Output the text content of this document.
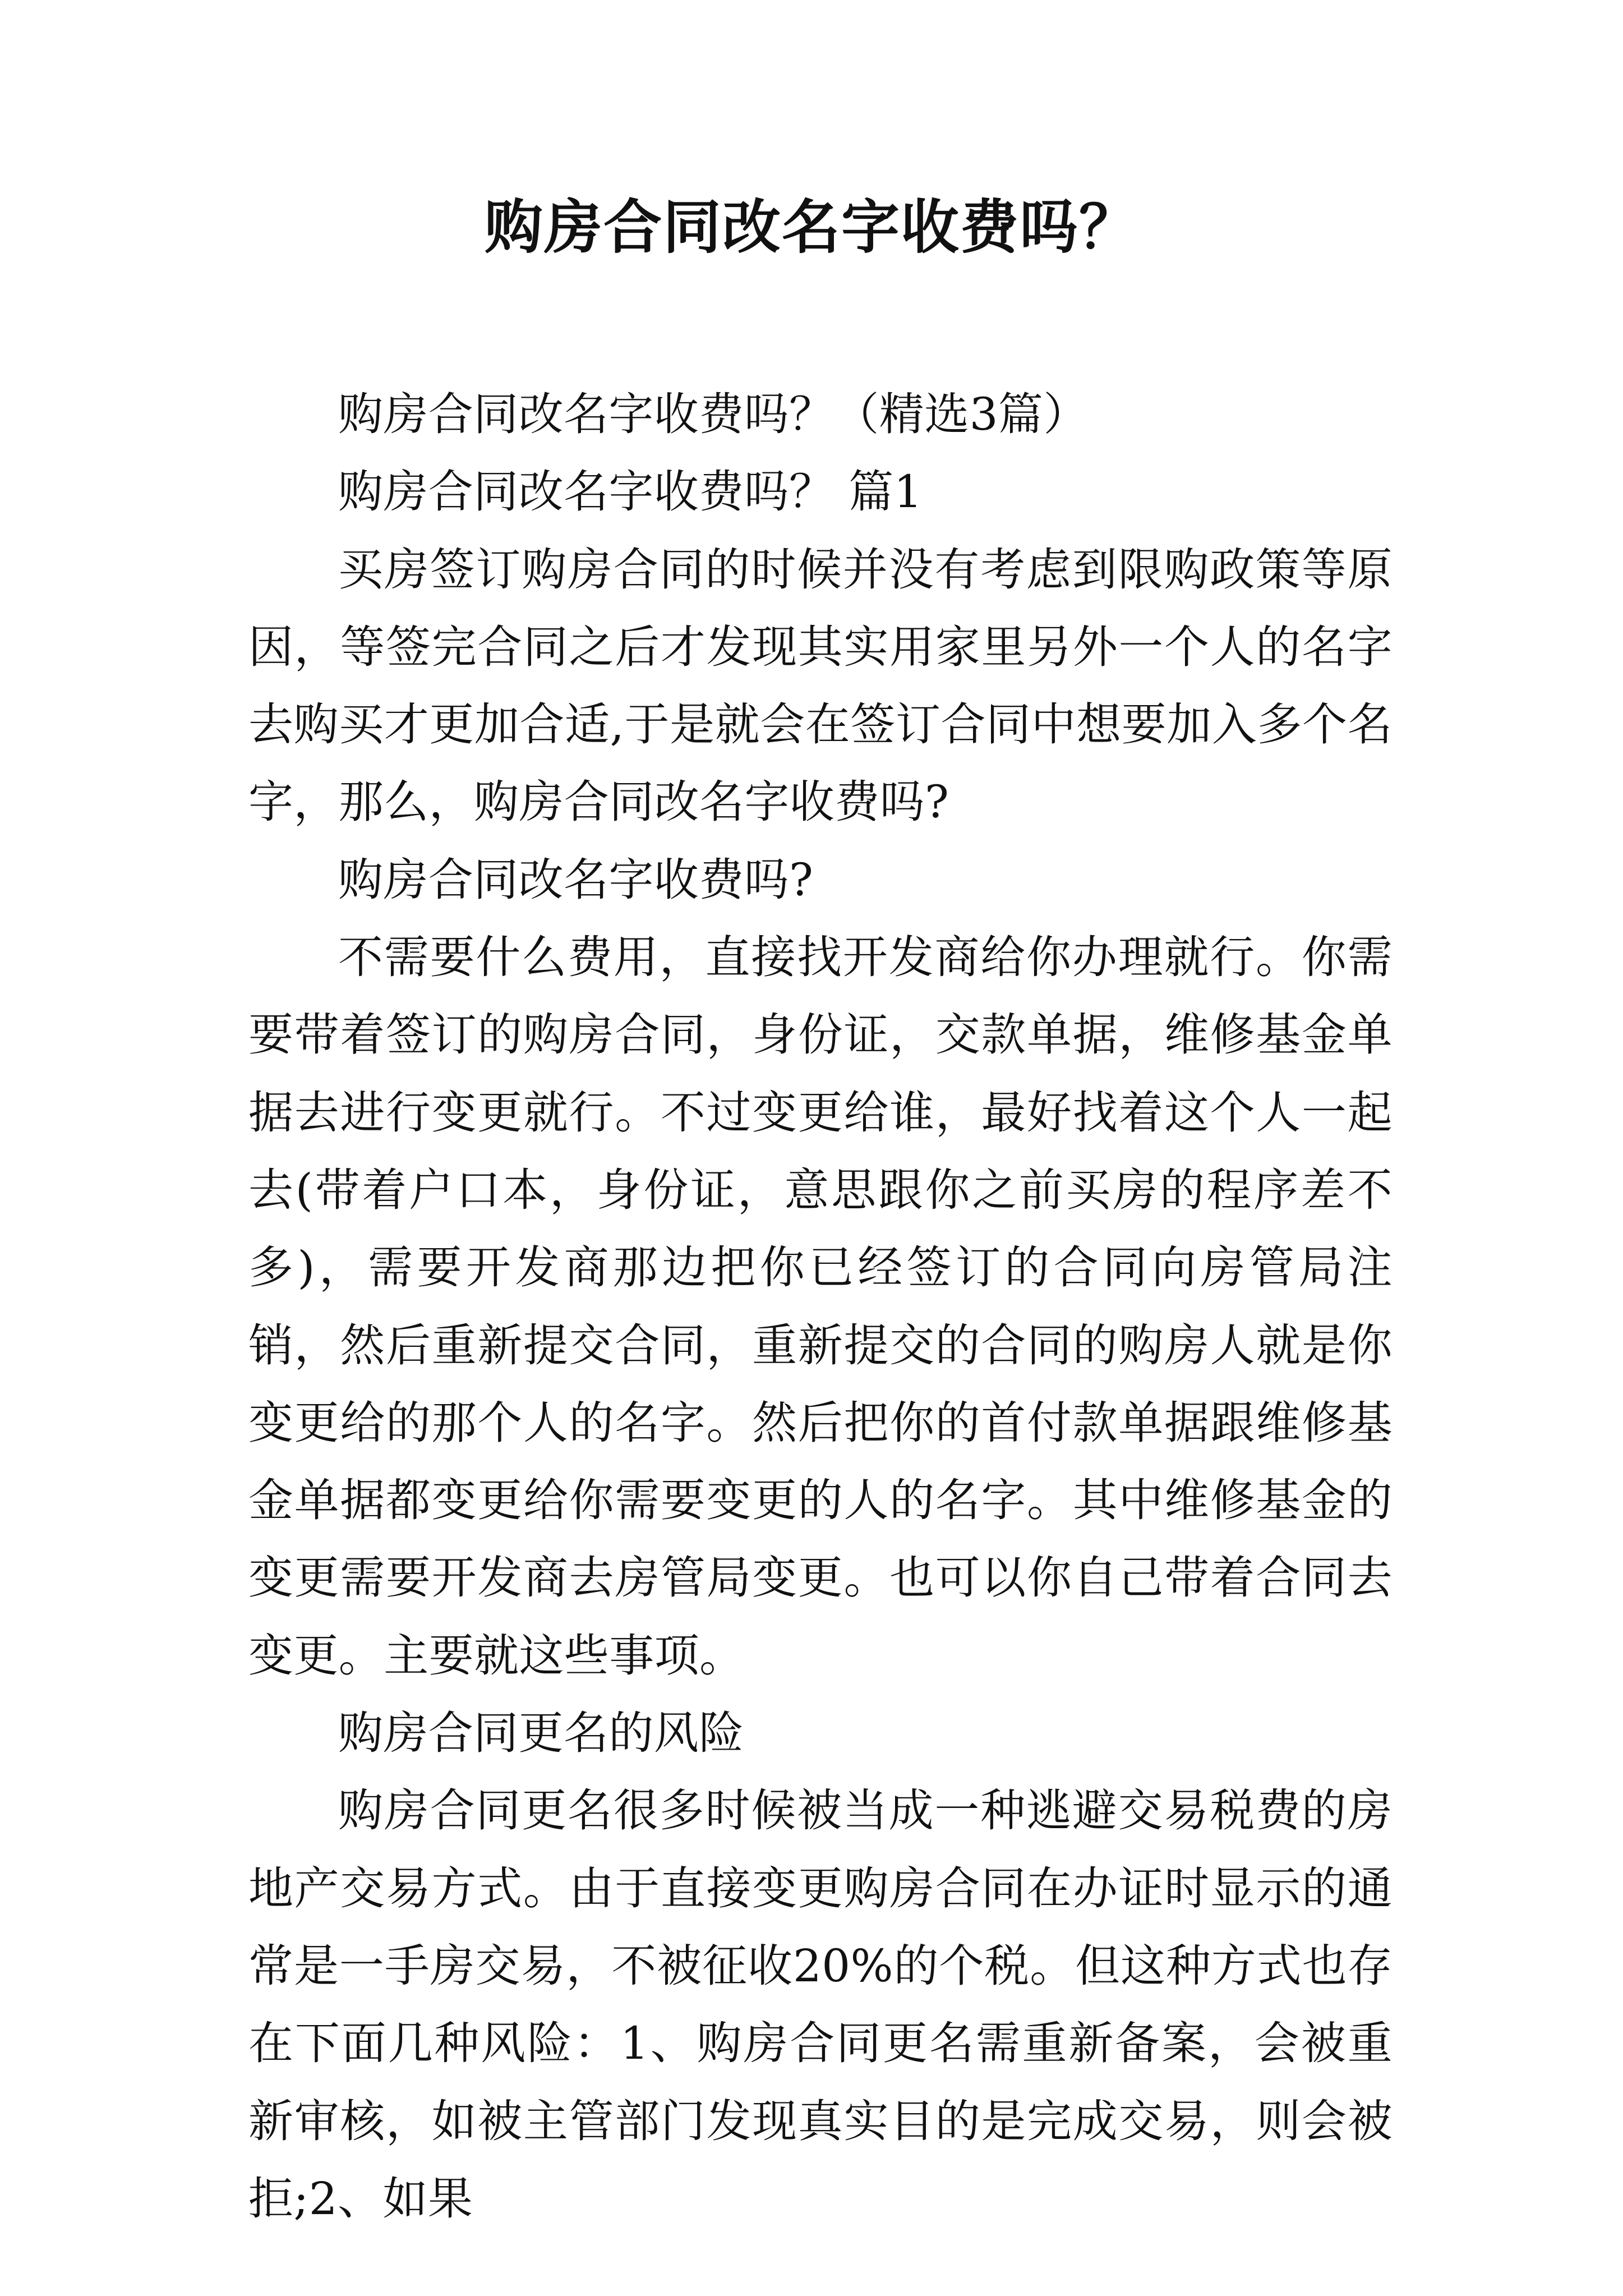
购房合同改名字收费吗？

购房合同改名字收费吗？（精选3篇）

购房合同改名字收费吗？ 篇1

买房签订购房合同的时候并没有考虑到限购政策等原因，等签完合同之后才发现其实用家里另外一个人的名字去购买才更加合适,于是就会在签订合同中想要加入多个名字，那么，购房合同改名字收费吗?

购房合同改名字收费吗?

不需要什么费用，直接找开发商给你办理就行。你需要带着签订的购房合同，身份证，交款单据，维修基金单据去进行变更就行。不过变更给谁，最好找着这个人一起去(带着户口本，身份证，意思跟你之前买房的程序差不多)，需要开发商那边把你已经签订的合同向房管局注销，然后重新提交合同，重新提交的合同的购房人就是你变更给的那个人的名字。然后把你的首付款单据跟维修基金单据都变更给你需要变更的人的名字。其中维修基金的变更需要开发商去房管局变更。也可以你自己带着合同去变更。主要就这些事项。

购房合同更名的风险

购房合同更名很多时候被当成一种逃避交易税费的房地产交易方式。由于直接变更购房合同在办证时显示的通常是一手房交易，不被征收20%的个税。但这种方式也存在下面几种风险：1、购房合同更名需重新备案，会被重新审核，如被主管部门发现真实目的是完成交易，则会被拒;2、如果
